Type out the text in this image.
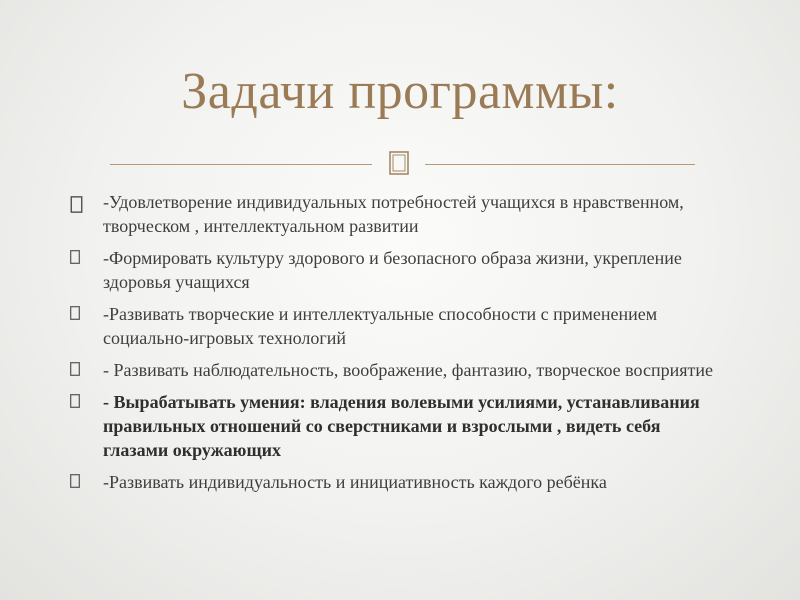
Задачи программы:
-Удовлетворение индивидуальных потребностей учащихся в нравственном, творческом , интеллектуальном развитии
-Формировать культуру здорового и безопасного образа жизни, укрепление здоровья учащихся
-Развивать творческие и интеллектуальные способности с применением социально-игровых технологий
- Развивать наблюдательность, воображение, фантазию, творческое восприятие
- Вырабатывать умения: владения волевыми усилиями, устанавливания правильных отношений со сверстниками и взрослыми , видеть себя глазами окружающих
-Развивать индивидуальность и инициативность каждого ребёнка
